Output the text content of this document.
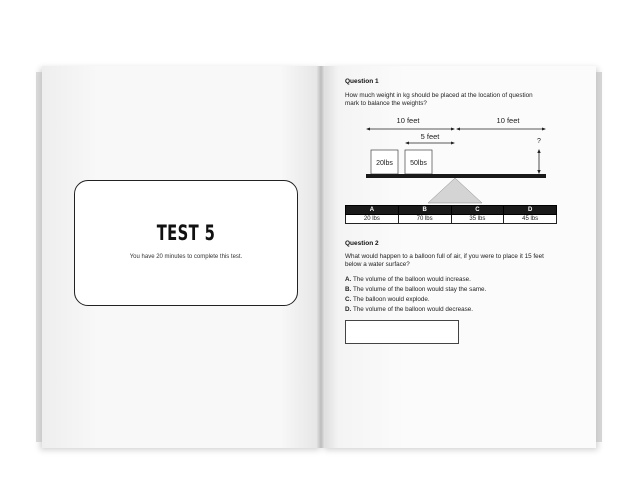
TEST 5
You have 20 minutes to complete this test.
Question 1
How much weight in kg should be placed at the location of question
mark to balance the weights?
10 feet	10 feet
5 feet
20lbs 50lbs
?
A	B	C	D
20 lbs	70 lbs	35 lbs	45 lbs
Question 2
What would happen to a balloon full of air, if you were to place it 15 feet
below a water surface?
A. The volume of the balloon would increase.
B. The volume of the balloon would stay the same.
C. The balloon would explode.
D. The volume of the balloon would decrease.
